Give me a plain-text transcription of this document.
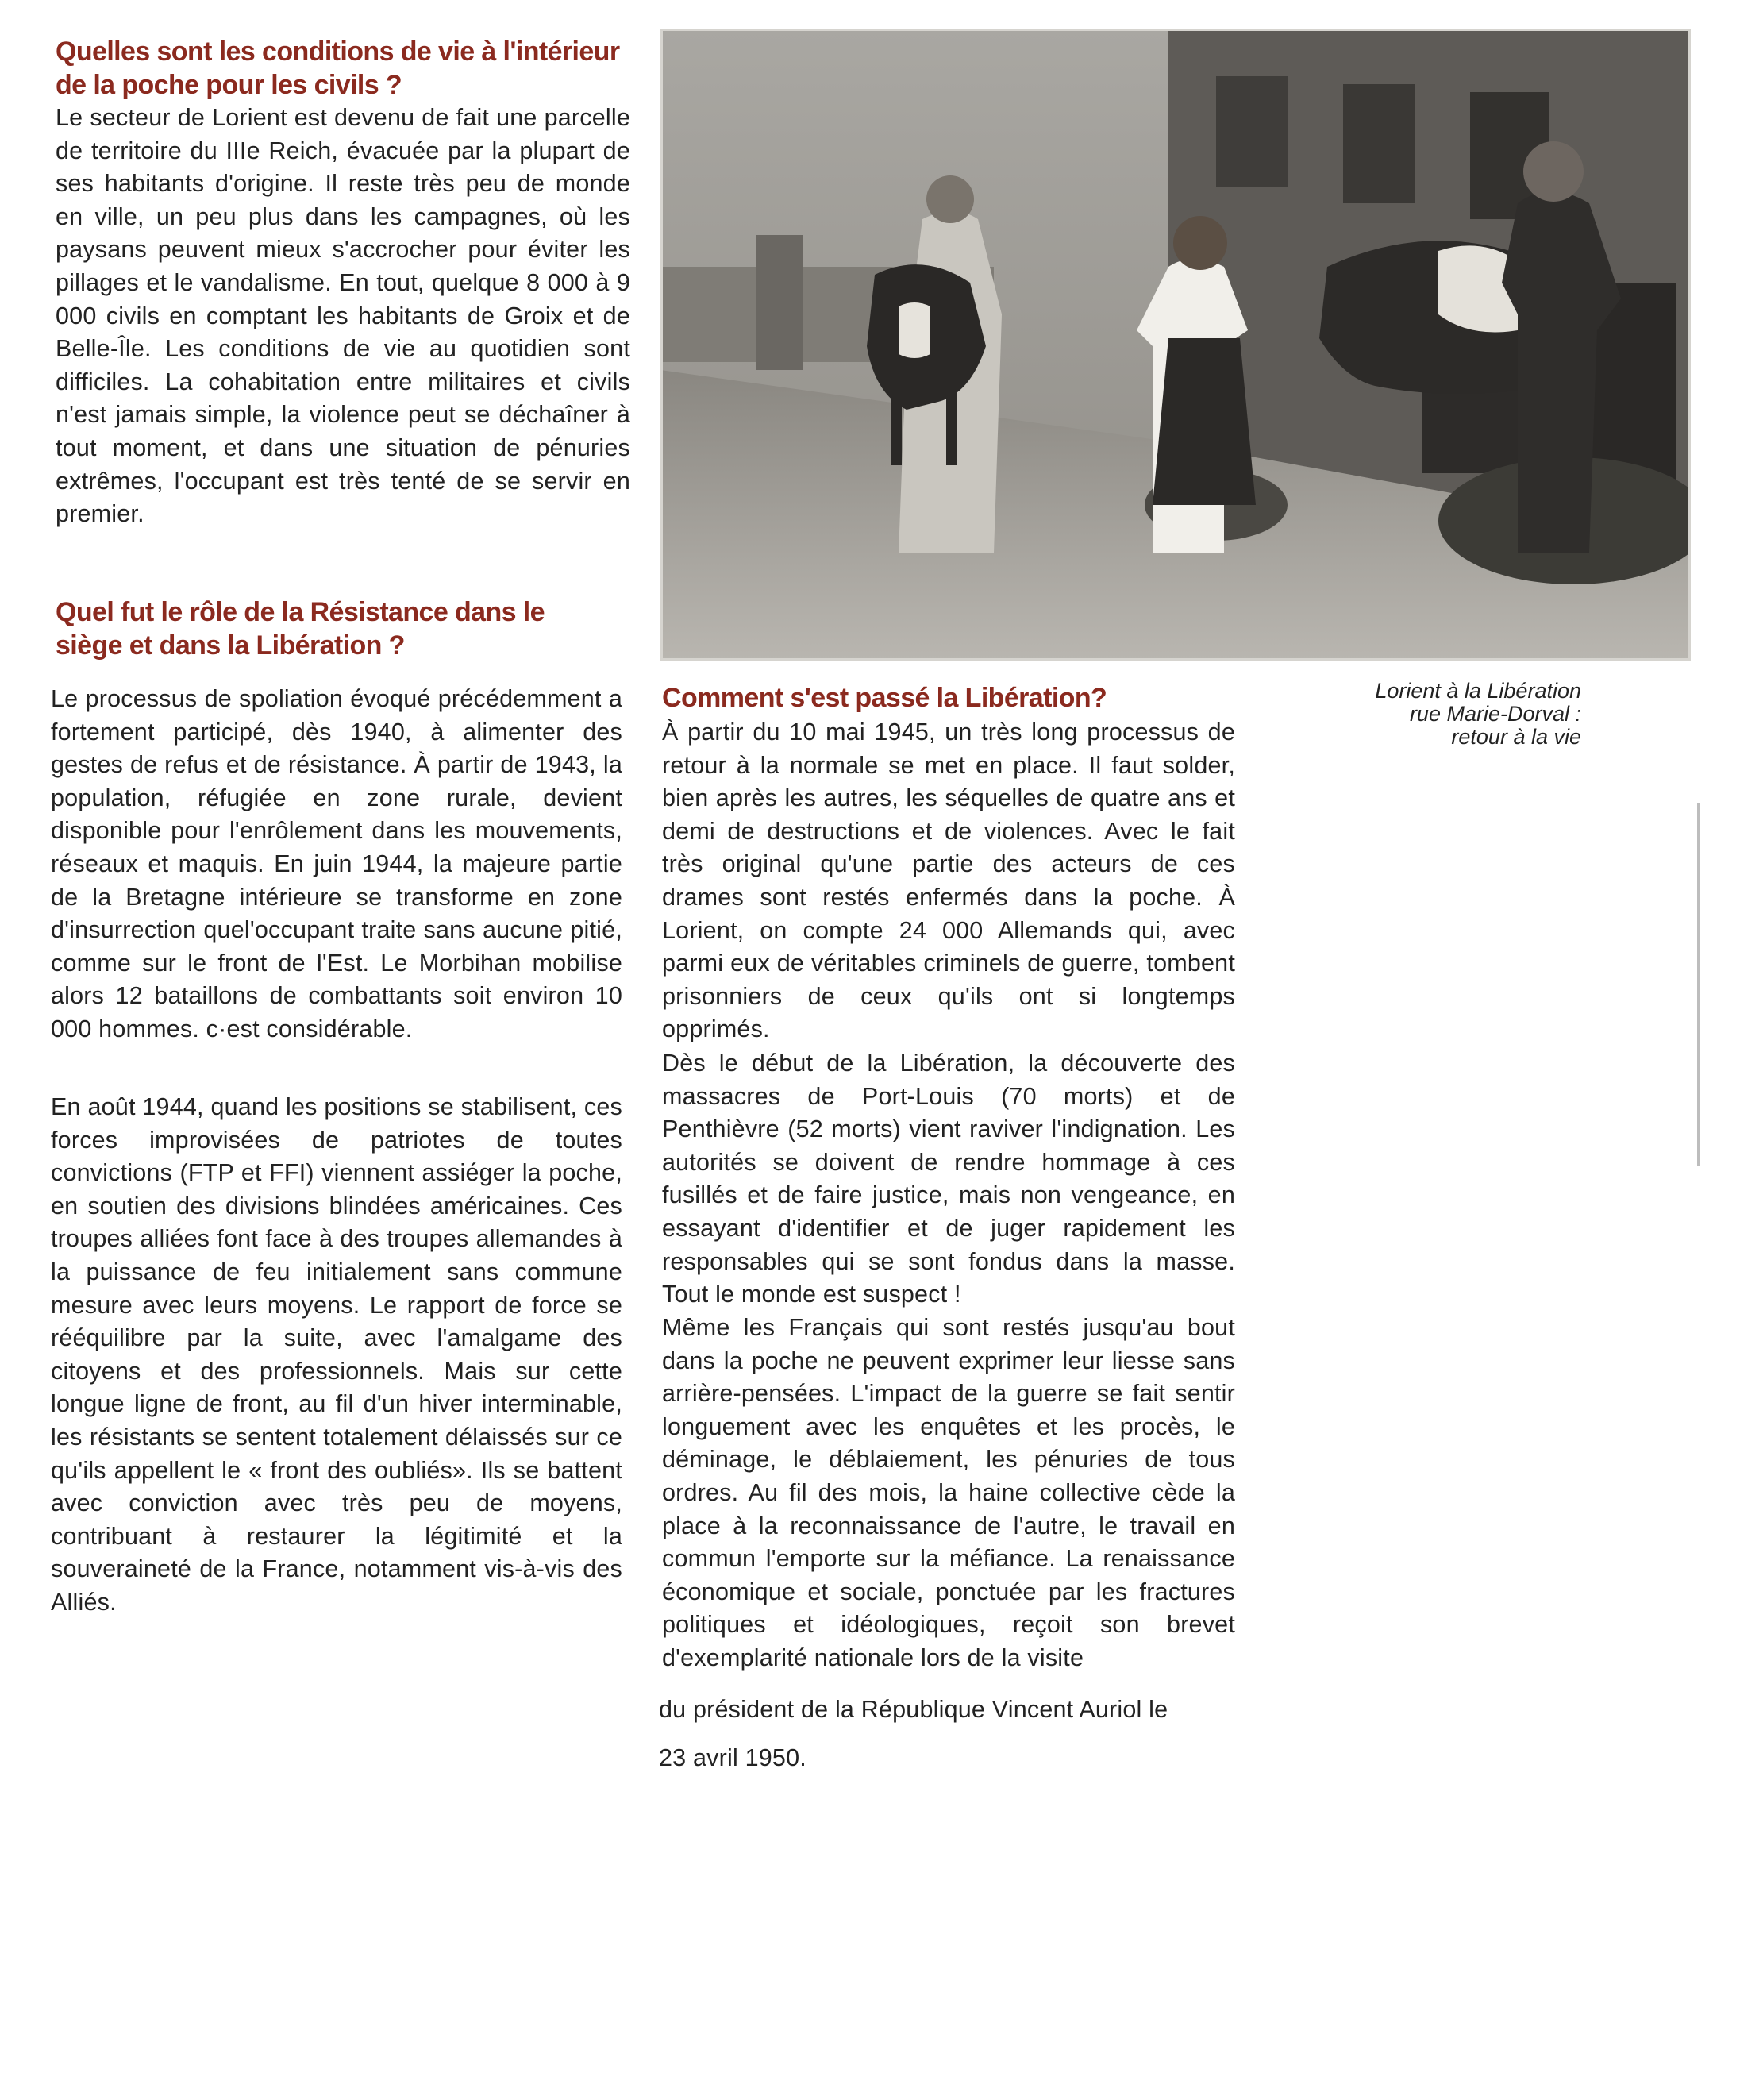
Quelles sont les conditions de vie à l'intérieur de la poche pour les civils ?

Le secteur de Lorient est devenu de fait une parcelle de territoire du IIIe Reich, évacuée par la plupart de ses habitants d'origine. Il reste très peu de monde en ville, un peu plus dans les campagnes, où les paysans peuvent mieux s'accrocher pour éviter les pillages et le vandalisme. En tout, quelque 8 000 à 9 000 civils en comptant les habitants de Groix et de Belle-Île. Les conditions de vie au quotidien sont difficiles. La cohabitation entre militaires et civils n'est jamais simple, la violence peut se déchaîner à tout moment, et dans une situation de pénuries extrêmes, l'occupant est très tenté de se servir en premier.

Quel fut le rôle de la Résistance dans le siège et dans la Libération ?

Le processus de spoliation évoqué précédemment a fortement participé, dès 1940, à alimenter des gestes de refus et de résistance. À partir de 1943, la population, réfugiée en zone rurale, devient disponible pour l'enrôlement dans les mouvements, réseaux et maquis. En juin 1944, la majeure partie de la Bretagne intérieure se transforme en zone d'insurrection quel'occupant traite sans aucune pitié, comme sur le front de l'Est. Le Morbihan mobilise alors 12 bataillons de combattants soit environ 10 000 hommes. c·est considérable.

En août 1944, quand les positions se stabilisent, ces forces improvisées de patriotes de toutes convictions (FTP et FFI) viennent assiéger la poche, en soutien des divisions blindées américaines. Ces troupes alliées font face à des troupes allemandes à la puissance de feu initialement sans commune mesure avec leurs moyens. Le rapport de force se rééquilibre par la suite, avec l'amalgame des citoyens et des professionnels. Mais sur cette longue ligne de front, au fil d'un hiver interminable, les résistants se sentent totalement délaissés sur ce qu'ils appellent le « front des oubliés». Ils se battent avec conviction avec très peu de moyens, contribuant à restaurer la légitimité et la souveraineté de la France, notamment vis-à-vis des Alliés.

Lorient à la Libération
rue Marie-Dorval :
retour à la vie
Comment s'est passé la Libération?

À partir du 10 mai 1945, un très long processus de retour à la normale se met en place. Il faut solder, bien après les autres, les séquelles de quatre ans et demi de destructions et de violences. Avec le fait très original qu'une partie des acteurs de ces drames sont restés enfermés dans la poche. À Lorient, on compte 24 000 Allemands qui, avec parmi eux de véritables criminels de guerre, tombent prisonniers de ceux qu'ils ont si longtemps opprimés.

Dès le début de la Libération, la découverte des massacres de Port-Louis (70 morts) et de Penthièvre (52 morts) vient raviver l'indignation. Les autorités se doivent de rendre hommage à ces fusillés et de faire justice, mais non vengeance, en essayant d'identifier et de juger rapidement les responsables qui se sont fondus dans la masse. Tout le monde est suspect !

Même les Français qui sont restés jusqu'au bout dans la poche ne peuvent exprimer leur liesse sans arrière-pensées. L'impact de la guerre se fait sentir longuement avec les enquêtes et les procès, le déminage, le déblaiement, les pénuries de tous ordres. Au fil des mois, la haine collective cède la place à la reconnaissance de l'autre, le travail en commun l'emporte sur la méfiance. La renaissance économique et sociale, ponctuée par les fractures politiques et idéologiques, reçoit son brevet d'exemplarité nationale lors de la visite

du président de la République Vincent Auriol le

23 avril 1950.
